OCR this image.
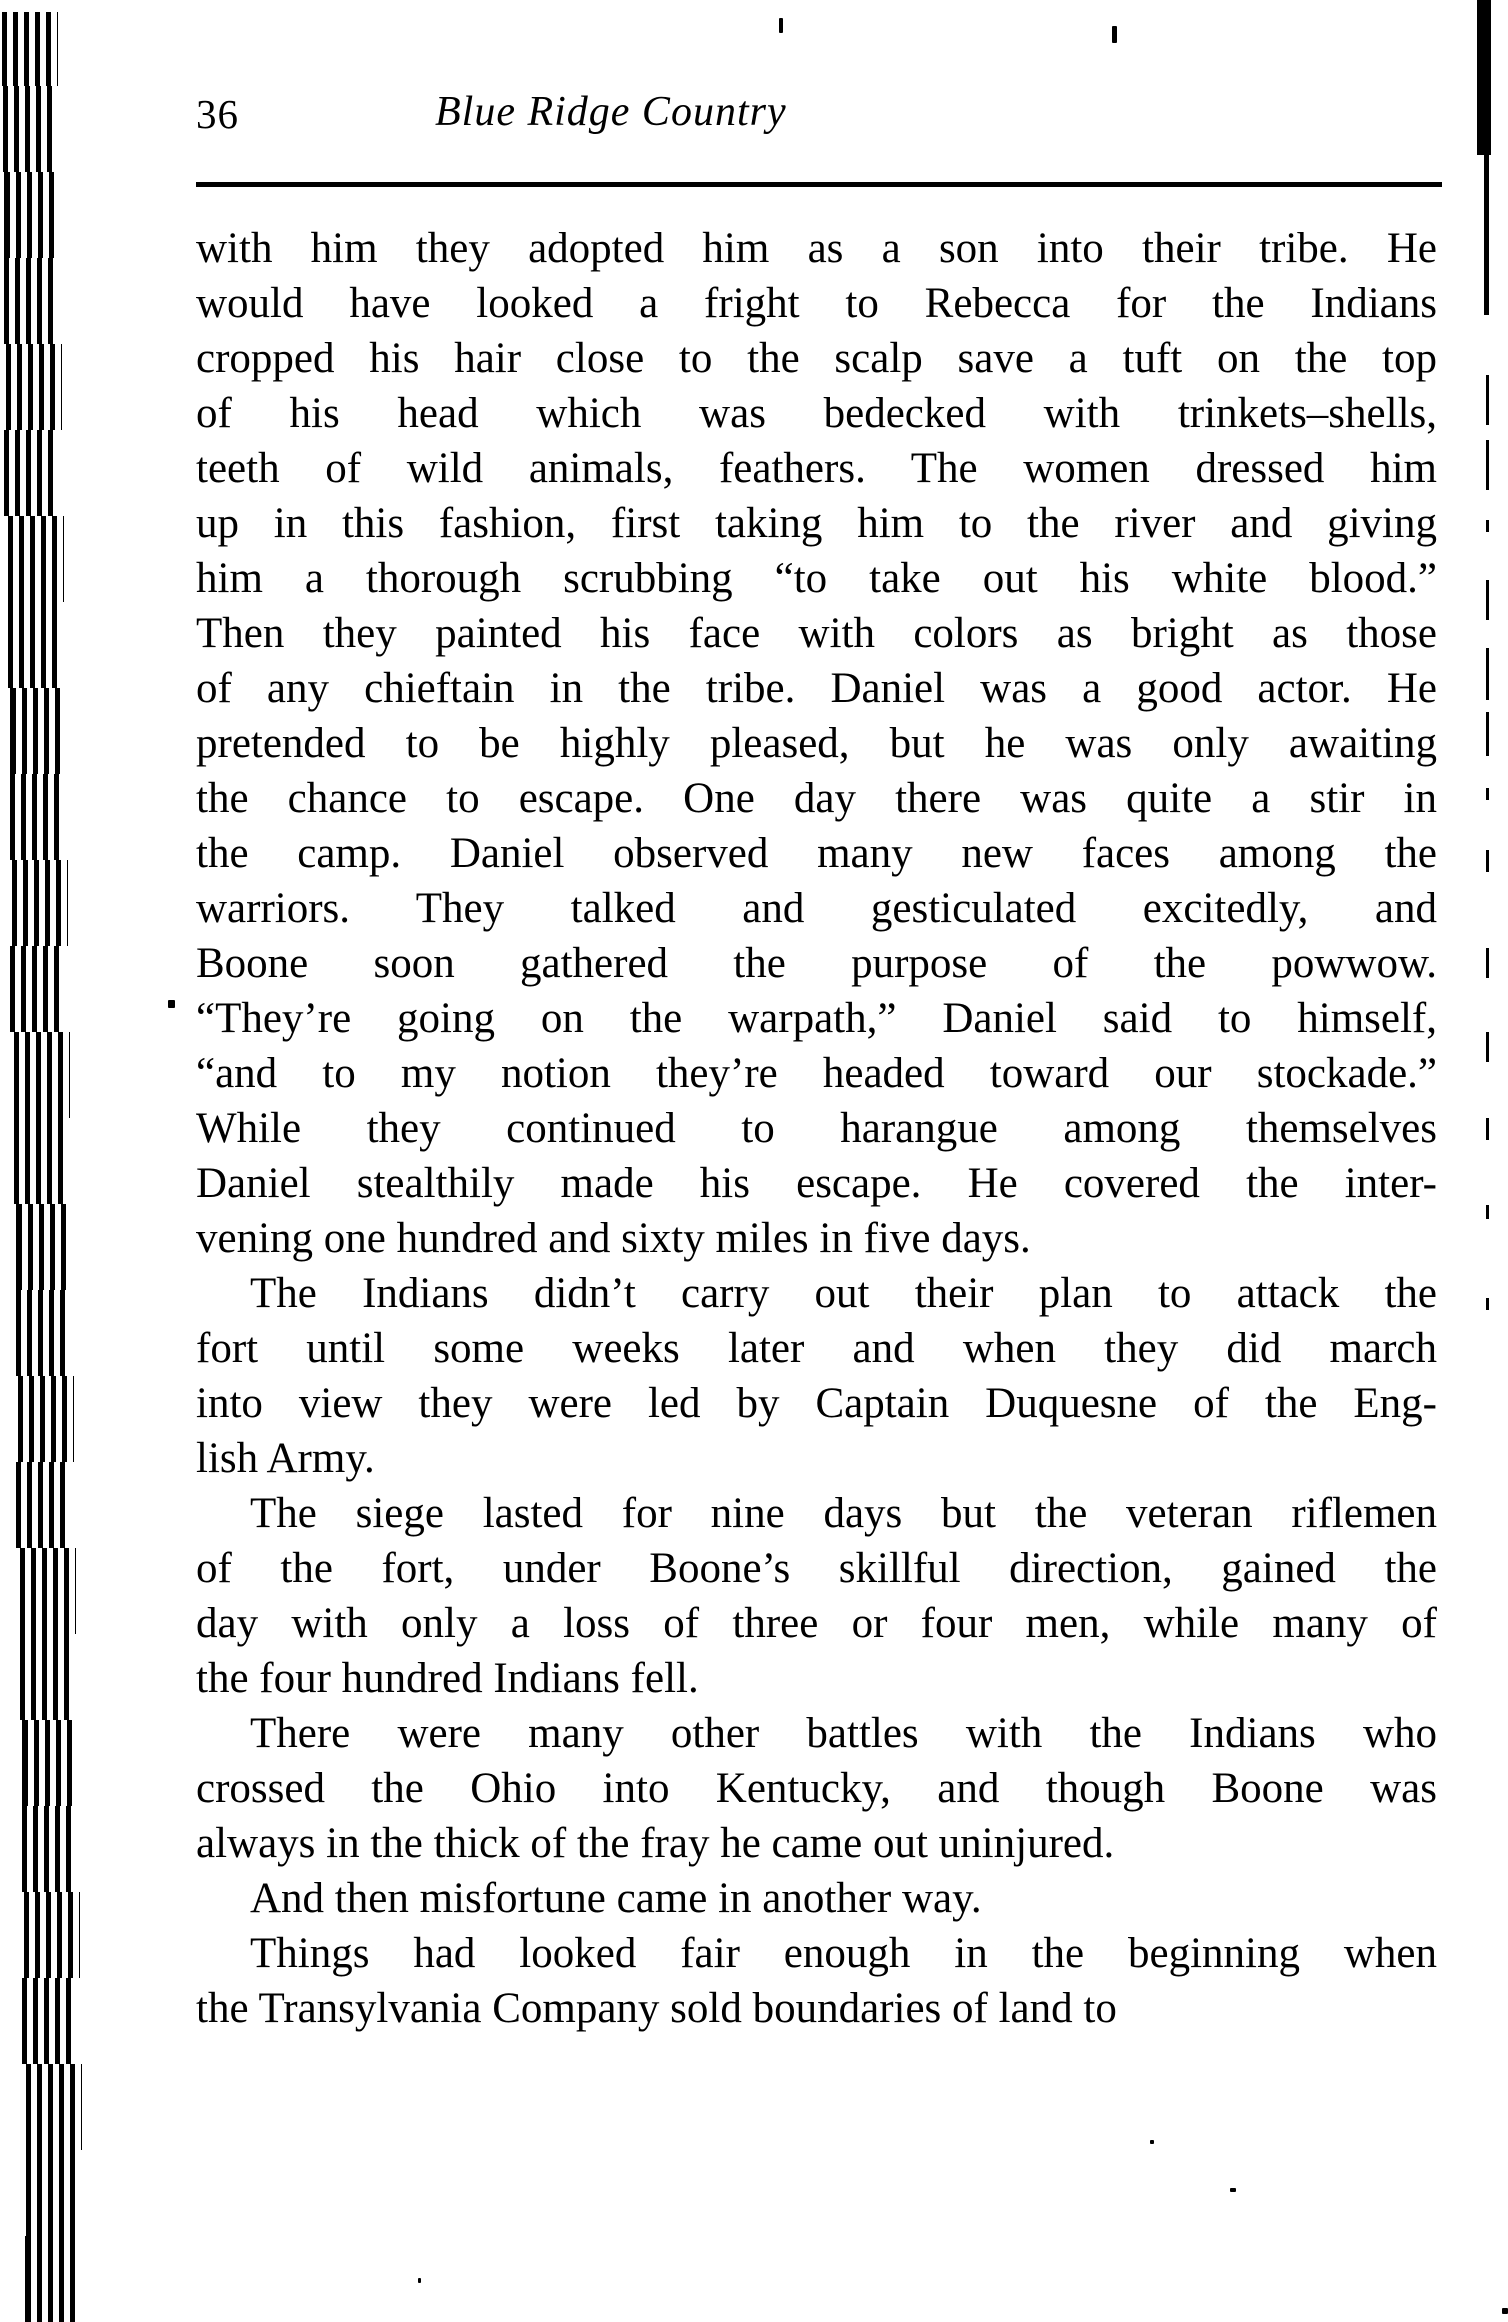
36	Blue Ridge Country
with him they adopted him as a son into their tribe. He
would have looked a fright to Rebecca for the Indians
cropped his hair close to the scalp save a tuft on the top
of his head which was bedecked with trinkets–shells,
teeth of wild animals, feathers. The women dressed him
up in this fashion, first taking him to the river and giving
him a thorough scrubbing “to take out his white blood.”
Then they painted his face with colors as bright as those
of any chieftain in the tribe. Daniel was a good actor. He
pretended to be highly pleased, but he was only awaiting
the chance to escape. One day there was quite a stir in
the camp. Daniel observed many new faces among the
warriors. They talked and gesticulated excitedly, and
Boone soon gathered the purpose of the powwow.
“They’re going on the warpath,” Daniel said to himself,
“and to my notion they’re headed toward our stockade.”
While they continued to harangue among themselves
Daniel stealthily made his escape. He covered the inter-
vening one hundred and sixty miles in five days.
The Indians didn’t carry out their plan to attack the
fort until some weeks later and when they did march
into view they were led by Captain Duquesne of the Eng-
lish Army.
The siege lasted for nine days but the veteran riflemen
of the fort, under Boone’s skillful direction, gained the
day with only a loss of three or four men, while many of
the four hundred Indians fell.
There were many other battles with the Indians who
crossed the Ohio into Kentucky, and though Boone was
always in the thick of the fray he came out uninjured.
And then misfortune came in another way.
Things had looked fair enough in the beginning when
the Transylvania Company sold boundaries of land to
